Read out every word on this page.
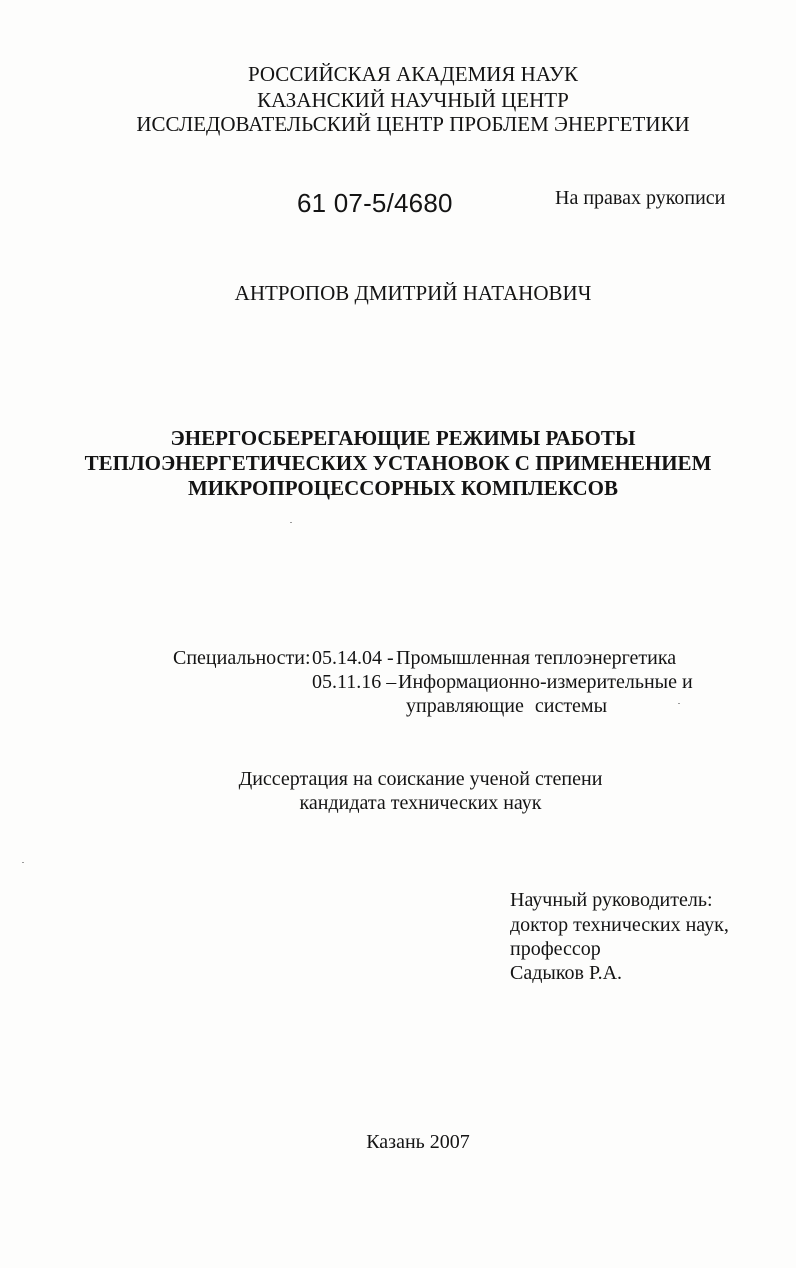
РОССИЙСКАЯ АКАДЕМИЯ НАУК
КАЗАНСКИЙ НАУЧНЫЙ ЦЕНТР
ИССЛЕДОВАТЕЛЬСКИЙ ЦЕНТР ПРОБЛЕМ ЭНЕРГЕТИКИ
61 07-5/4680	На правах рукописи
АНТРОПОВ ДМИТРИЙ НАТАНОВИЧ
ЭНЕРГОСБЕРЕГАЮЩИЕ РЕЖИМЫ РАБОТЫ
ТЕПЛОЭНЕРГЕТИЧЕСКИХ УСТАНОВОК С ПРИМЕНЕНИЕМ
МИКРОПРОЦЕССОРНЫХ КОМПЛЕКСОВ
Специальности: 05.14.04 - Промышленная теплоэнергетика
05.11.16 – Информационно-измерительные и
управляющие системы
Диссертация на соискание ученой степени
кандидата технических наук
Научный руководитель:
доктор технических наук,
профессор
Садыков Р.А.
Казань 2007
